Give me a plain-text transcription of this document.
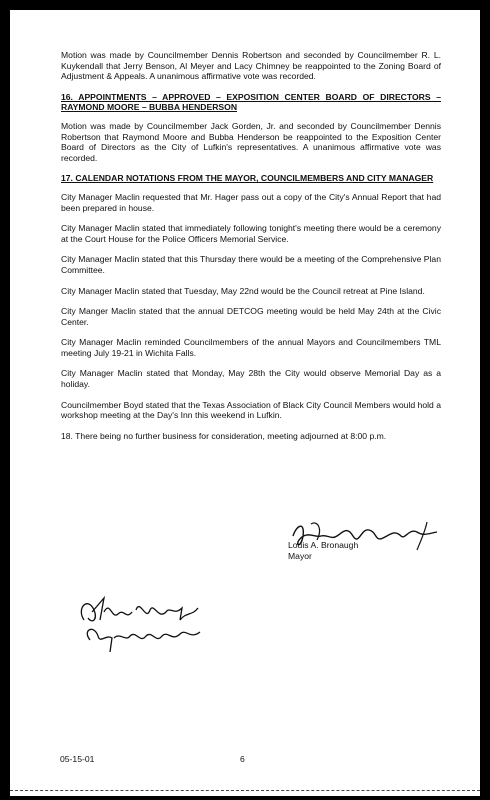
Motion was made by Councilmember Dennis Robertson and seconded by Councilmember R. L. Kuykendall that Jerry Benson, Al Meyer and Lacy Chimney be reappointed to the Zoning Board of Adjustment & Appeals. A unanimous affirmative vote was recorded.

16. APPOINTMENTS – APPROVED – EXPOSITION CENTER BOARD OF DIRECTORS – RAYMOND MOORE – BUBBA HENDERSON

Motion was made by Councilmember Jack Gorden, Jr. and seconded by Councilmember Dennis Robertson that Raymond Moore and Bubba Henderson be reappointed to the Exposition Center Board of Directors as the City of Lufkin's representatives. A unanimous affirmative vote was recorded.

17. CALENDAR NOTATIONS FROM THE MAYOR, COUNCILMEMBERS AND CITY MANAGER

City Manager Maclin requested that Mr. Hager pass out a copy of the City's Annual Report that had been prepared in house.

City Manager Maclin stated that immediately following tonight's meeting there would be a ceremony at the Court House for the Police Officers Memorial Service.

City Manager Maclin stated that this Thursday there would be a meeting of the Comprehensive Plan Committee.

City Manager Maclin stated that Tuesday, May 22nd would be the Council retreat at Pine Island.

City Manger Maclin stated that the annual DETCOG meeting would be held May 24th at the Civic Center.

City Manager Maclin reminded Councilmembers of the annual Mayors and Councilmembers TML meeting July 19-21 in Wichita Falls.

City Manager Maclin stated that Monday, May 28th the City would observe Memorial Day as a holiday.

Councilmember Boyd stated that the Texas Association of Black City Council Members would hold a workshop meeting at the Day's Inn this weekend in Lufkin.

18. There being no further business for consideration, meeting adjourned at 8:00 p.m.

Louis A. Bronaugh
Mayor
05-15-01	6
